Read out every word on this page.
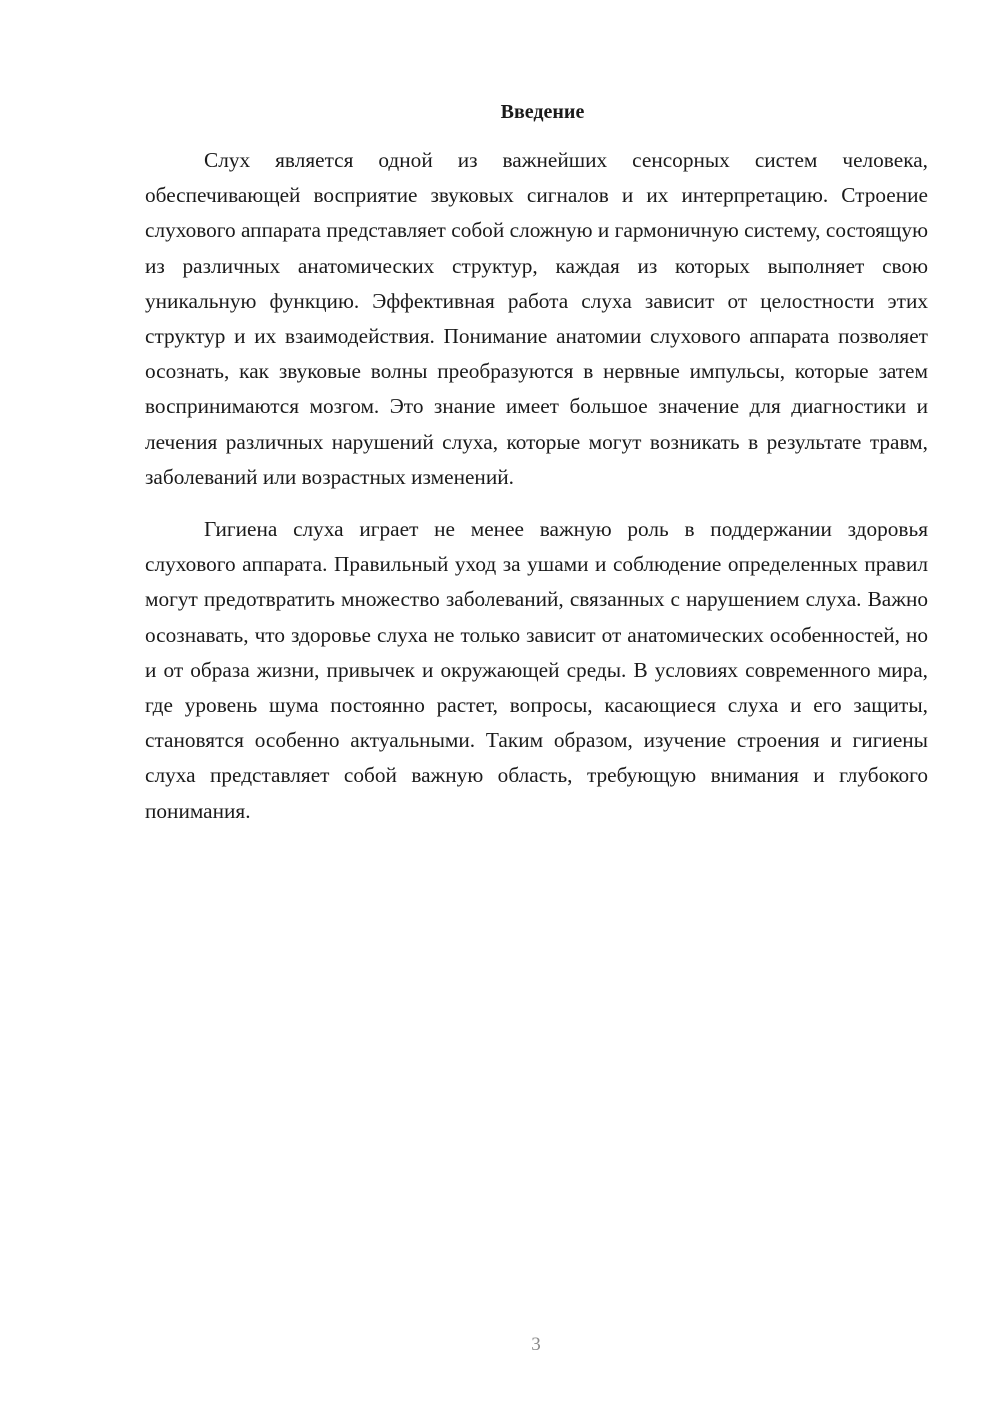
Введение

Слух является одной из важнейших сенсорных систем человека, обеспечивающей восприятие звуковых сигналов и их интерпретацию. Строение слухового аппарата представляет собой сложную и гармоничную систему, состоящую из различных анатомических структур, каждая из которых выполняет свою уникальную функцию. Эффективная работа слуха зависит от целостности этих структур и их взаимодействия. Понимание анатомии слухового аппарата позволяет осознать, как звуковые волны преобразуются в нервные импульсы, которые затем воспринимаются мозгом. Это знание имеет большое значение для диагностики и лечения различных нарушений слуха, которые могут возникать в результате травм, заболеваний или возрастных изменений.

Гигиена слуха играет не менее важную роль в поддержании здоровья слухового аппарата. Правильный уход за ушами и соблюдение определенных правил могут предотвратить множество заболеваний, связанных с нарушением слуха. Важно осознавать, что здоровье слуха не только зависит от анатомических особенностей, но и от образа жизни, привычек и окружающей среды. В условиях современного мира, где уровень шума постоянно растет, вопросы, касающиеся слуха и его защиты, становятся особенно актуальными. Таким образом, изучение строения и гигиены слуха представляет собой важную область, требующую внимания и глубокого понимания.

3
